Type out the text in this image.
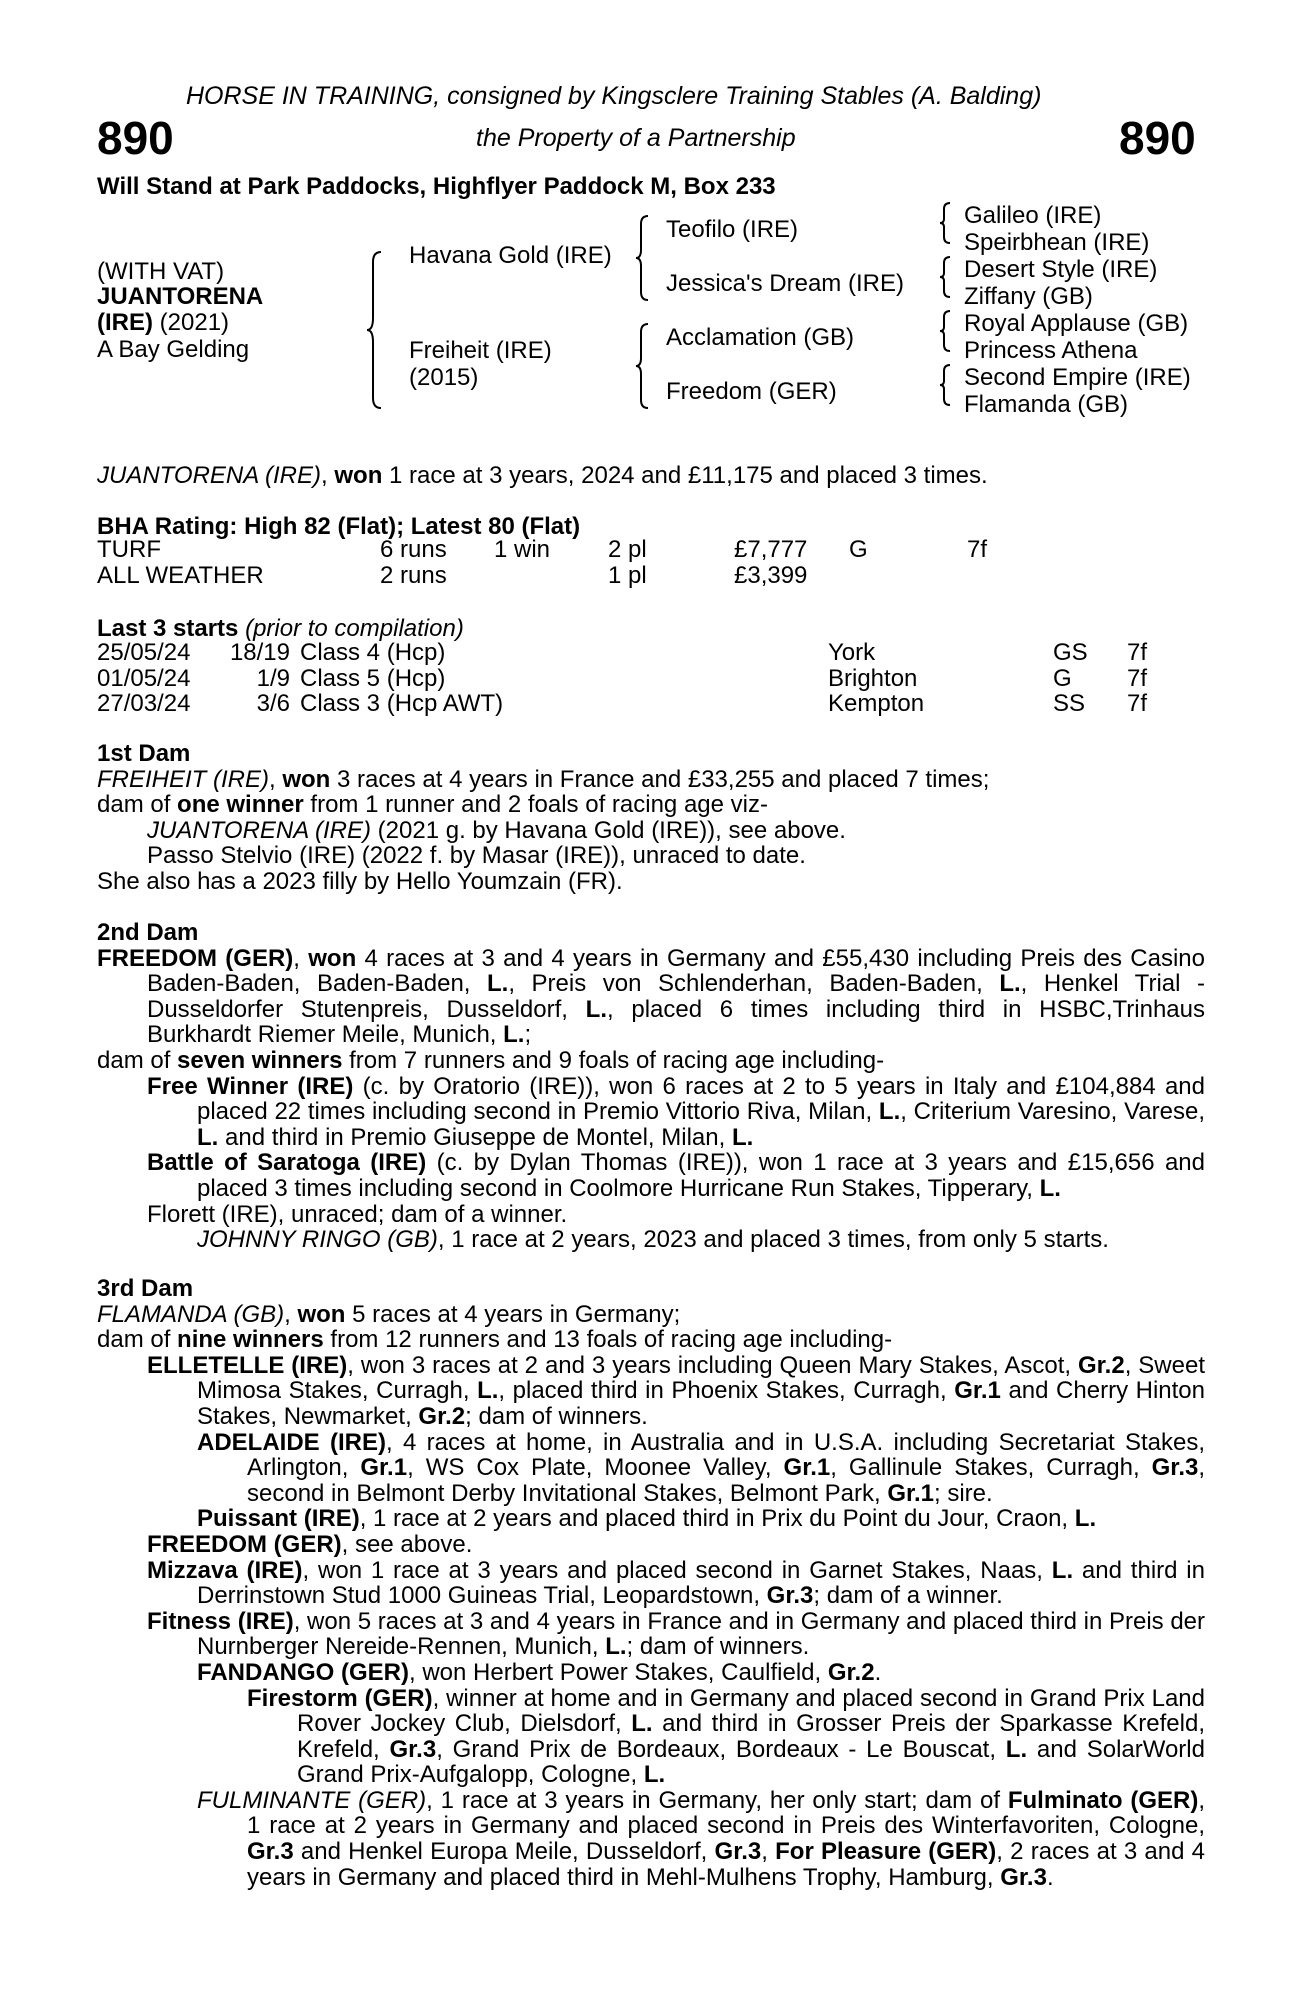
HORSE IN TRAINING, consigned by Kingsclere Training Stables (A. Balding)
890	the Property of a Partnership	890
Will Stand at Park Paddocks, Highflyer Paddock M, Box 233
(WITH VAT)
JUANTORENA
(IRE) (2021)
A Bay Gelding
Havana Gold (IRE)
Freiheit (IRE)
(2015)
Teofilo (IRE)
Jessica's Dream (IRE)
Acclamation (GB)
Freedom (GER)
Galileo (IRE)
Speirbhean (IRE)
Desert Style (IRE)
Ziffany (GB)
Royal Applause (GB)
Princess Athena
Second Empire (IRE)
Flamanda (GB)
JUANTORENA (IRE), won 1 race at 3 years, 2024 and £11,175 and placed 3 times.
BHA Rating: High 82 (Flat); Latest 80 (Flat)
TURF	6 runs	1 win	2 pl	£7,777	G	7f
ALL WEATHER	2 runs		1 pl	£3,399		
Last 3 starts (prior to compilation)
25/05/24	18/19	Class 4 (Hcp)	York	GS	7f
01/05/24	1/9	Class 5 (Hcp)	Brighton	G	7f
27/03/24	3/6	Class 3 (Hcp AWT)	Kempton	SS	7f

1st Dam

FREIHEIT (IRE), won 3 races at 4 years in France and £33,255 and placed 7 times;

dam of one winner from 1 runner and 2 foals of racing age viz-

JUANTORENA (IRE) (2021 g. by Havana Gold (IRE)), see above.

Passo Stelvio (IRE) (2022 f. by Masar (IRE)), unraced to date.

She also has a 2023 filly by Hello Youmzain (FR).

2nd Dam

FREEDOM (GER), won 4 races at 3 and 4 years in Germany and £55,430 including Preis des Casino Baden-Baden, Baden-Baden, L., Preis von Schlenderhan, Baden-Baden, L., Henkel Trial - Dusseldorfer Stutenpreis, Dusseldorf, L., placed 6 times including third in HSBC,Trinhaus Burkhardt Riemer Meile, Munich, L.;

dam of seven winners from 7 runners and 9 foals of racing age including-

Free Winner (IRE) (c. by Oratorio (IRE)), won 6 races at 2 to 5 years in Italy and £104,884 and placed 22 times including second in Premio Vittorio Riva, Milan, L., Criterium Varesino, Varese, L. and third in Premio Giuseppe de Montel, Milan, L.

Battle of Saratoga (IRE) (c. by Dylan Thomas (IRE)), won 1 race at 3 years and £15,656 and placed 3 times including second in Coolmore Hurricane Run Stakes, Tipperary, L.

Florett (IRE), unraced; dam of a winner.

JOHNNY RINGO (GB), 1 race at 2 years, 2023 and placed 3 times, from only 5 starts.

3rd Dam

FLAMANDA (GB), won 5 races at 4 years in Germany;

dam of nine winners from 12 runners and 13 foals of racing age including-

ELLETELLE (IRE), won 3 races at 2 and 3 years including Queen Mary Stakes, Ascot, Gr.2, Sweet Mimosa Stakes, Curragh, L., placed third in Phoenix Stakes, Curragh, Gr.1 and Cherry Hinton Stakes, Newmarket, Gr.2; dam of winners.

ADELAIDE (IRE), 4 races at home, in Australia and in U.S.A. including Secretariat Stakes, Arlington, Gr.1, WS Cox Plate, Moonee Valley, Gr.1, Gallinule Stakes, Curragh, Gr.3, second in Belmont Derby Invitational Stakes, Belmont Park, Gr.1; sire.

Puissant (IRE), 1 race at 2 years and placed third in Prix du Point du Jour, Craon, L.

FREEDOM (GER), see above.

Mizzava (IRE), won 1 race at 3 years and placed second in Garnet Stakes, Naas, L. and third in Derrinstown Stud 1000 Guineas Trial, Leopardstown, Gr.3; dam of a winner.

Fitness (IRE), won 5 races at 3 and 4 years in France and in Germany and placed third in Preis der Nurnberger Nereide-Rennen, Munich, L.; dam of winners.

FANDANGO (GER), won Herbert Power Stakes, Caulfield, Gr.2.

Firestorm (GER), winner at home and in Germany and placed second in Grand Prix Land Rover Jockey Club, Dielsdorf, L. and third in Grosser Preis der Sparkasse Krefeld, Krefeld, Gr.3, Grand Prix de Bordeaux, Bordeaux - Le Bouscat, L. and SolarWorld Grand Prix-Aufgalopp, Cologne, L.

FULMINANTE (GER), 1 race at 3 years in Germany, her only start; dam of Fulminato (GER), 1 race at 2 years in Germany and placed second in Preis des Winterfavoriten, Cologne, Gr.3 and Henkel Europa Meile, Dusseldorf, Gr.3, For Pleasure (GER), 2 races at 3 and 4 years in Germany and placed third in Mehl-Mulhens Trophy, Hamburg, Gr.3.
